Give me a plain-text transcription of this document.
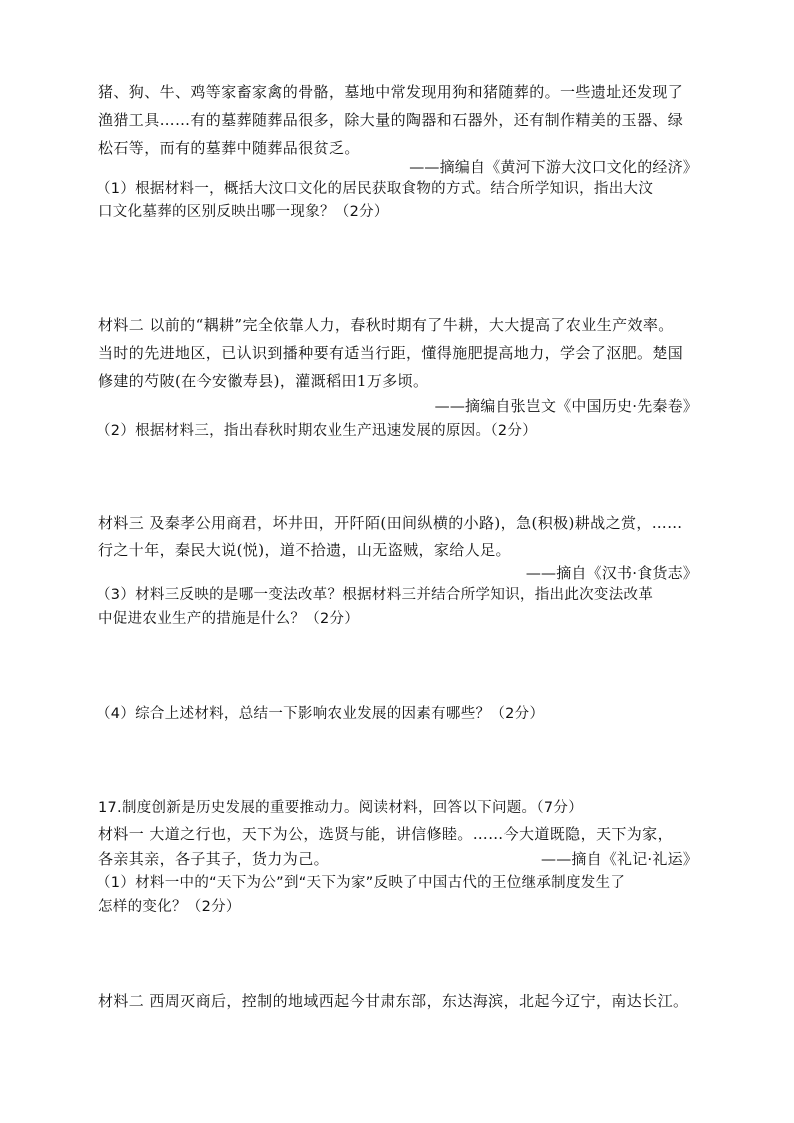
猪、狗、牛、鸡等家畜家禽的骨骼，墓地中常发现用狗和猪随葬的。一些遗址还发现了
渔猎工具……有的墓葬随葬品很多，除大量的陶器和石器外，还有制作精美的玉器、绿
松石等，而有的墓葬中随葬品很贫乏。
——摘编自《黄河下游大汶口文化的经济》
（1）根据材料一，概括大汶口文化的居民获取食物的方式。结合所学知识，指出大汶
口文化墓葬的区别反映出哪一现象？（2分）
材料二 以前的“耦耕”完全依靠人力，春秋时期有了牛耕，大大提高了农业生产效率。
当时的先进地区，已认识到播种要有适当行距，懂得施肥提高地力，学会了沤肥。楚国
修建的芍陂(在今安徽寿县)，灌溉稻田1万多顷。
——摘编自张岂文《中国历史·先秦卷》
（2）根据材料三，指出春秋时期农业生产迅速发展的原因。（2分）
材料三 及秦孝公用商君，坏井田，开阡陌(田间纵横的小路)，急(积极)耕战之赏，……
行之十年，秦民大说(悦)，道不拾遗，山无盗贼，家给人足。
——摘自《汉书·食货志》
（3）材料三反映的是哪一变法改革？根据材料三并结合所学知识，指出此次变法改革
中促进农业生产的措施是什么？（2分）
（4）综合上述材料，总结一下影响农业发展的因素有哪些？（2分）
17.制度创新是历史发展的重要推动力。阅读材料，回答以下问题。（7分）
材料一 大道之行也，天下为公，选贤与能，讲信修睦。……今大道既隐，天下为家，
各亲其亲，各子其子，货力为己。	——摘自《礼记·礼运》
（1）材料一中的“天下为公”到“天下为家”反映了中国古代的王位继承制度发生了
怎样的变化？（2分）
材料二 西周灭商后，控制的地域西起今甘肃东部，东达海滨，北起今辽宁，南达长江。
